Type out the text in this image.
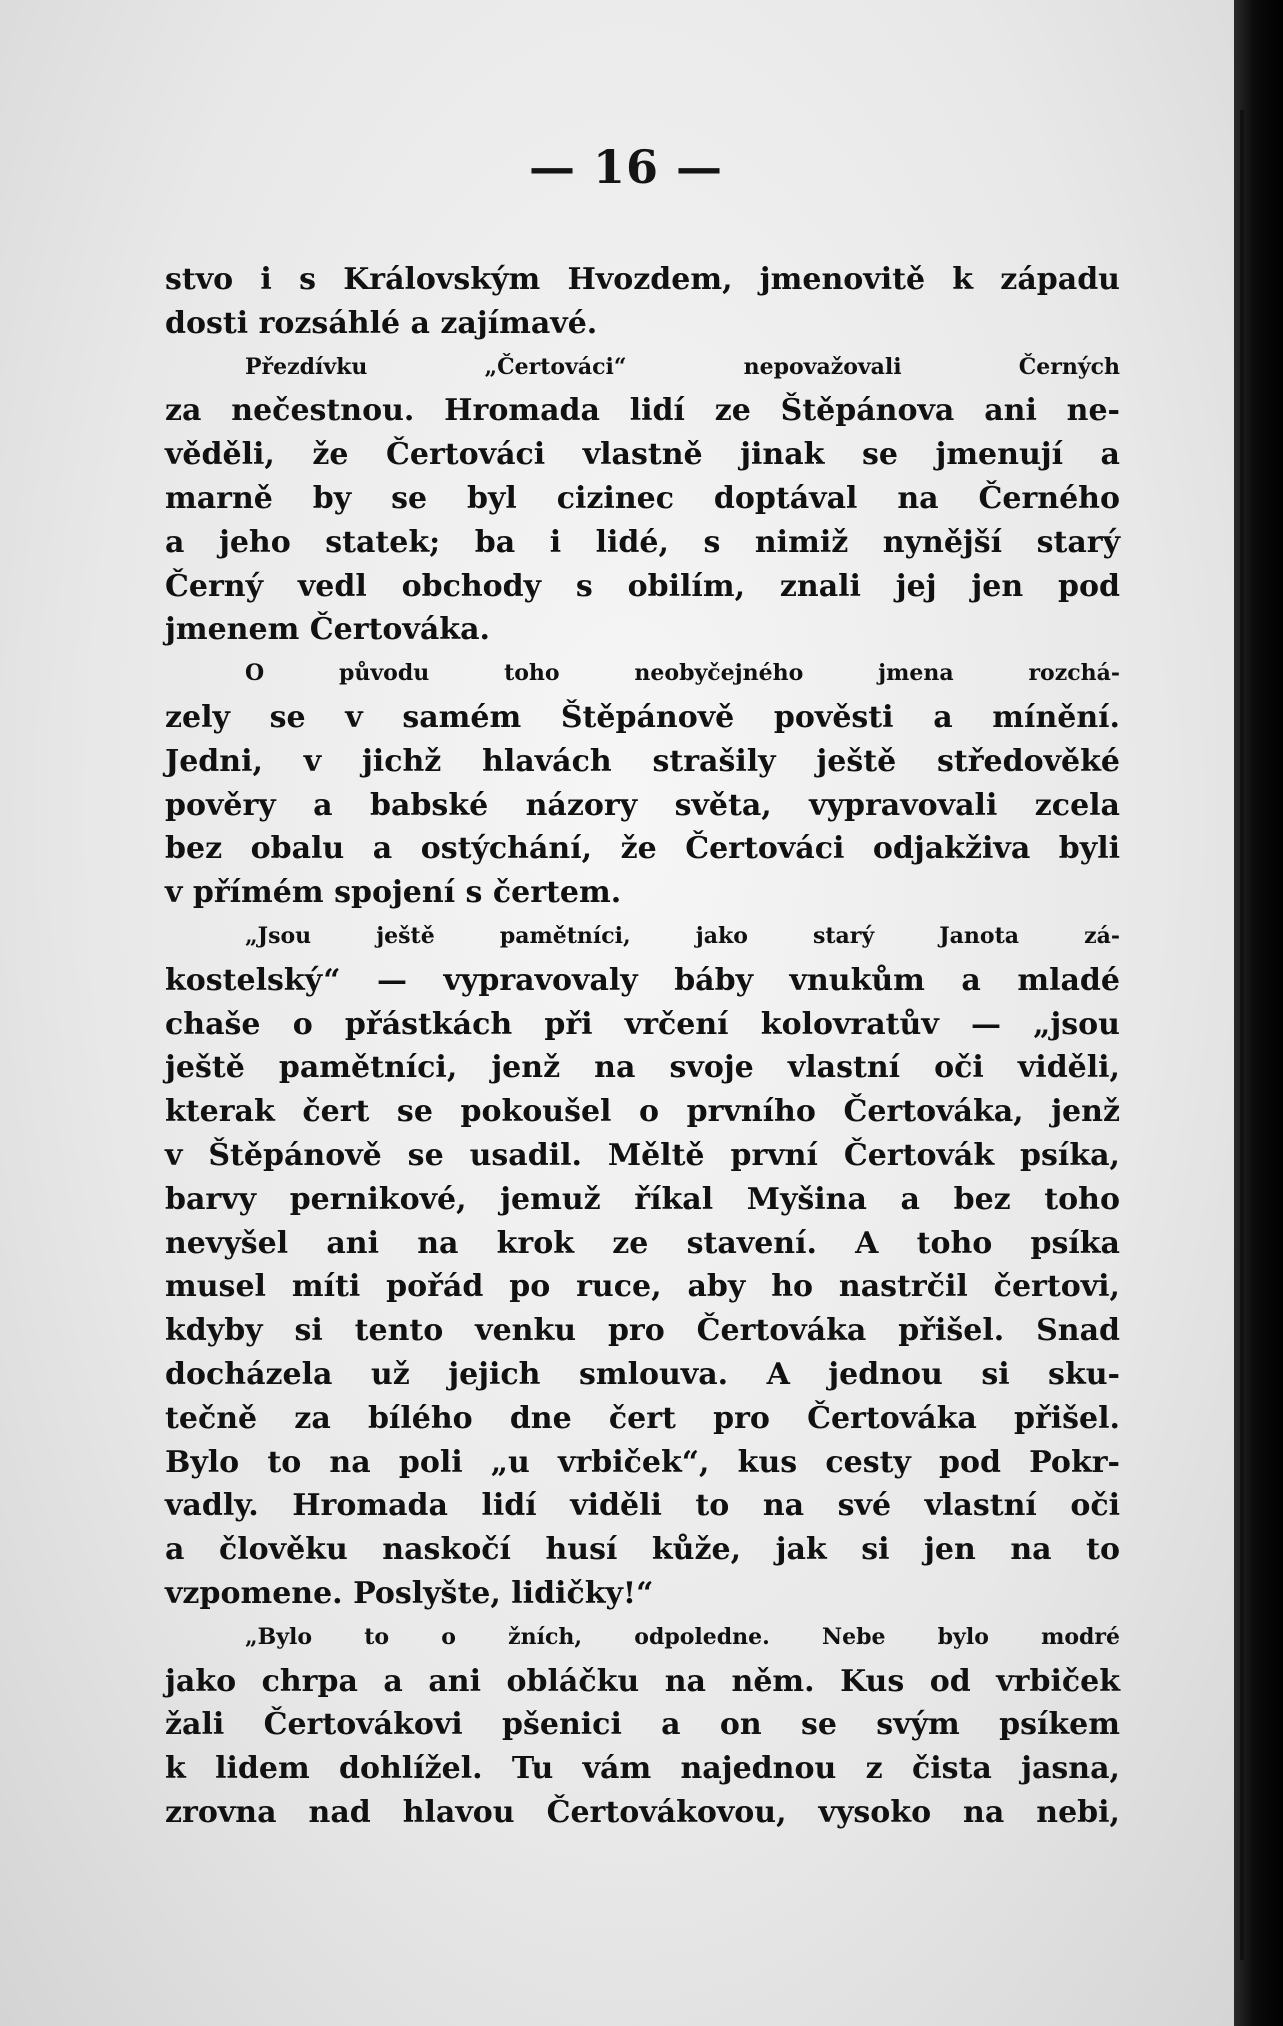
— 16 —
stvo i s Královským Hvozdem, jmenovitě k západu
dosti rozsáhlé a zajímavé.
Přezdívku „Čertováci“ nepovažovali Černých
za nečestnou. Hromada lidí ze Štěpánova ani ne-
věděli, že Čertováci vlastně jinak se jmenují a
marně by se byl cizinec doptával na Černého
a jeho statek; ba i lidé, s nimiž nynější starý
Černý vedl obchody s obilím, znali jej jen pod
jmenem Čertováka.
O původu toho neobyčejného jmena rozchá-
zely se v samém Štěpánově pověsti a mínění.
Jedni, v jichž hlavách strašily ještě středověké
pověry a babské názory světa, vypravovali zcela
bez obalu a ostýchání, že Čertováci odjakživa byli
v přímém spojení s čertem.
„Jsou ještě pamětníci, jako starý Janota zá-
kostelský“ — vypravovaly báby vnukům a mladé
chaše o přástkách při vrčení kolovratův — „jsou
ještě pamětníci, jenž na svoje vlastní oči viděli,
kterak čert se pokoušel o prvního Čertováka, jenž
v Štěpánově se usadil. Měltě první Čertovák psíka,
barvy pernikové, jemuž říkal Myšina a bez toho
nevyšel ani na krok ze stavení. A toho psíka
musel míti pořád po ruce, aby ho nastrčil čertovi,
kdyby si tento venku pro Čertováka přišel. Snad
docházela už jejich smlouva. A jednou si sku-
tečně za bílého dne čert pro Čertováka přišel.
Bylo to na poli „u vrbiček“, kus cesty pod Pokr-
vadly. Hromada lidí viděli to na své vlastní oči
a člověku naskočí husí kůže, jak si jen na to
vzpomene. Poslyšte, lidičky!“
„Bylo to o žních, odpoledne. Nebe bylo modré
jako chrpa a ani obláčku na něm. Kus od vrbiček
žali Čertovákovi pšenici a on se svým psíkem
k lidem dohlížel. Tu vám najednou z čista jasna,
zrovna nad hlavou Čertovákovou, vysoko na nebi,
